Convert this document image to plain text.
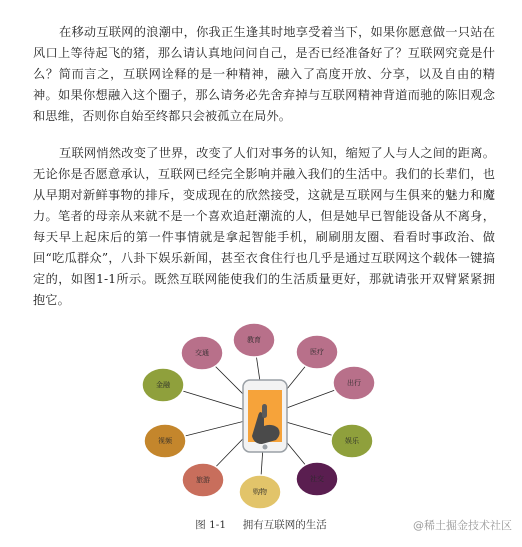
在移动互联网的浪潮中，你我正生逢其时地享受着当下，如果你愿意做一只站在风口上等待起飞的猪，那么请认真地问问自己，是否已经准备好了？互联网究竟是什么？简而言之，互联网诠释的是一种精神，融入了高度开放、分享，以及自由的精神。如果你想融入这个圈子，那么请务必先舍弃掉与互联网精神背道而驰的陈旧观念和思维，否则你自始至终都只会被孤立在局外。

互联网悄然改变了世界，改变了人们对事务的认知，缩短了人与人之间的距离。无论你是否愿意承认，互联网已经完全影响并融入我们的生活中。我们的长辈们，也从早期对新鲜事物的排斥，变成现在的欣然接受，这就是互联网与生俱来的魅力和魔力。笔者的母亲从来就不是一个喜欢追赶潮流的人，但是她早已智能设备从不离身，每天早上起床后的第一件事情就是拿起智能手机，刷刷朋友圈、看看时事政治、做回“吃瓜群众”，八卦下娱乐新闻，甚至衣食住行也几乎是通过互联网这个载体一键搞定的，如图1-1所示。既然互联网能使我们的生活质量更好，那就请张开双臂紧紧拥抱它。

教育
医疗
出行
娱乐
社交
购物
旅游
视频
金融
交通
图 1-1 拥有互联网的生活	@稀土掘金技术社区
